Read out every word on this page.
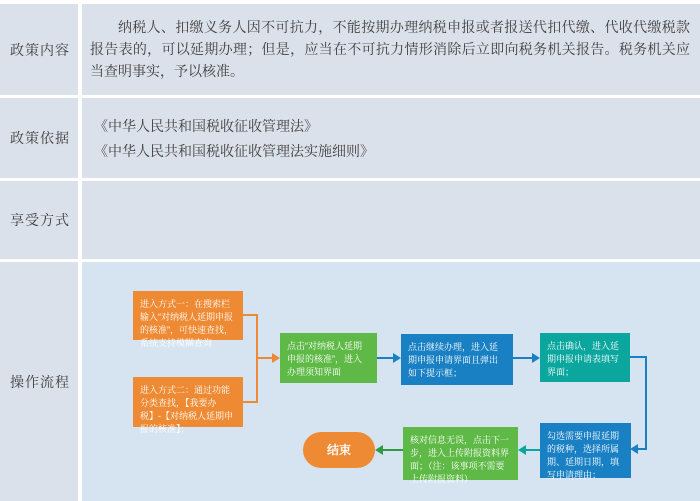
政策内容
纳税人、扣缴义务人因不可抗力，不能按期办理纳税申报或者报送代扣代缴、代收代缴税款报告表的，可以延期办理；但是，应当在不可抗力情形消除后立即向税务机关报告。税务机关应当查明事实，予以核准。
政策依据
《中华人民共和国税收征收管理法》
《中华人民共和国税收征收管理法实施细则》
享受方式
操作流程
进入方式一：在搜索栏输入“对纳税人延期申报的核准”，可快速查找，系统支持模糊查询
进入方式二：通过功能分类查找，【我要办税】-【对纳税人延期申报的核准】；
点击“对纳税人延期申报的核准”，进入办理须知界面
点击继续办理，进入延期申报申请界面且弹出如下提示框；
点击确认，进入延期申报申请表填写界面；
勾选需要申报延期的税种，选择所属期、延期日期，填写申请理由；
核对信息无误，点击下一步，进入上传附报资料界面；（注：该事项不需要上传附报资料）
结束
